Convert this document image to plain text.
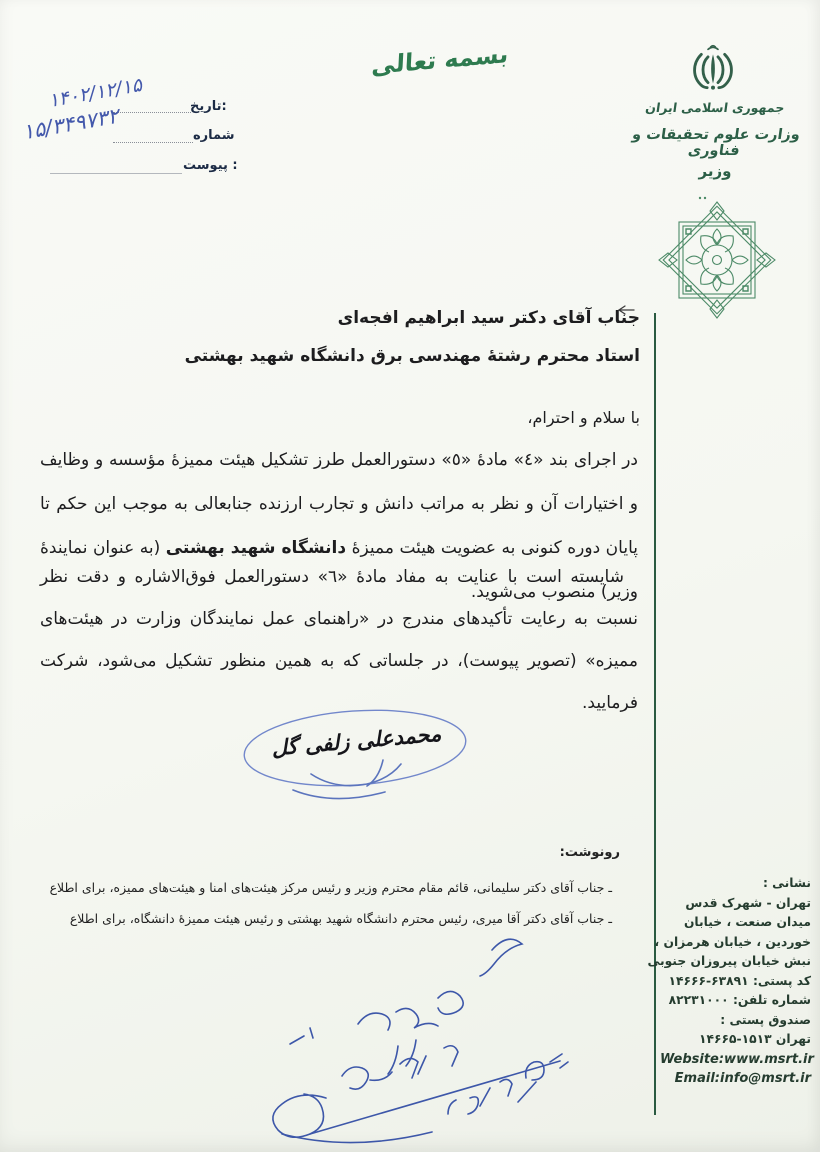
جمهوری اسلامی ایران
وزارت علوم تحقیقات و فناوری
وزیر
بسمه تعالی
تاریخ:
۱۴۰۲/۱۲/۱۵
شماره
۱۵/۳۴۹۷۳۲
پیوست :
جناب آقای دکتر سید ابراهیم افجه‌ای
استاد محترم رشتهٔ مهندسی برق دانشگاه شهید بهشتی
با سلام و احترام،

در اجرای بند «٤» مادهٔ «٥» دستورالعمل طرز تشکیل هیئت ممیزهٔ مؤسسه و وظایف و اختیارات آن و نظر به مراتب دانش و تجارب ارزنده جنابعالی به موجب این حکم تا پایان دوره کنونی به عضویت هیئت ممیزهٔ دانشگاه شهید بهشتی (به عنوان نمایندهٔ وزیر) منصوب می‌شوید.

شایسته است با عنایت به مفاد مادهٔ «٦» دستورالعمل فوق‌الاشاره و دقت نظر نسبت به رعایت تأکیدهای مندرج در «راهنمای عمل نمایندگان وزارت در هیئت‌های ممیزه» (تصویر پیوست)، در جلساتی که به همین منظور تشکیل می‌شود، شرکت فرمایید.

محمدعلی زلفی گل
رونوشت:
ـ جناب آقای دکتر سلیمانی، قائم مقام محترم وزیر و رئیس مرکز هیئت‌های امنا و هیئت‌های ممیزه، برای اطلاع
ـ جناب آقای دکتر آقا میری، رئیس محترم دانشگاه شهید بهشتی و رئیس هیئت ممیزهٔ دانشگاه، برای اطلاع
نشانی :
تهران - شهرک قدس
میدان صنعت ، خیابان
خوردین ، خیابان هرمزان ،
نبش خیابان پیروزان جنوبی
کد پستی: ۱۴۶۶۶-۶۳۸۹۱
شماره تلفن: ۸۲۲۳۱۰۰۰
صندوق پستی :
تهران ۱۴۶۶۵-۱۵۱۳
Website:www.msrt.ir
Email:info@msrt.ir
